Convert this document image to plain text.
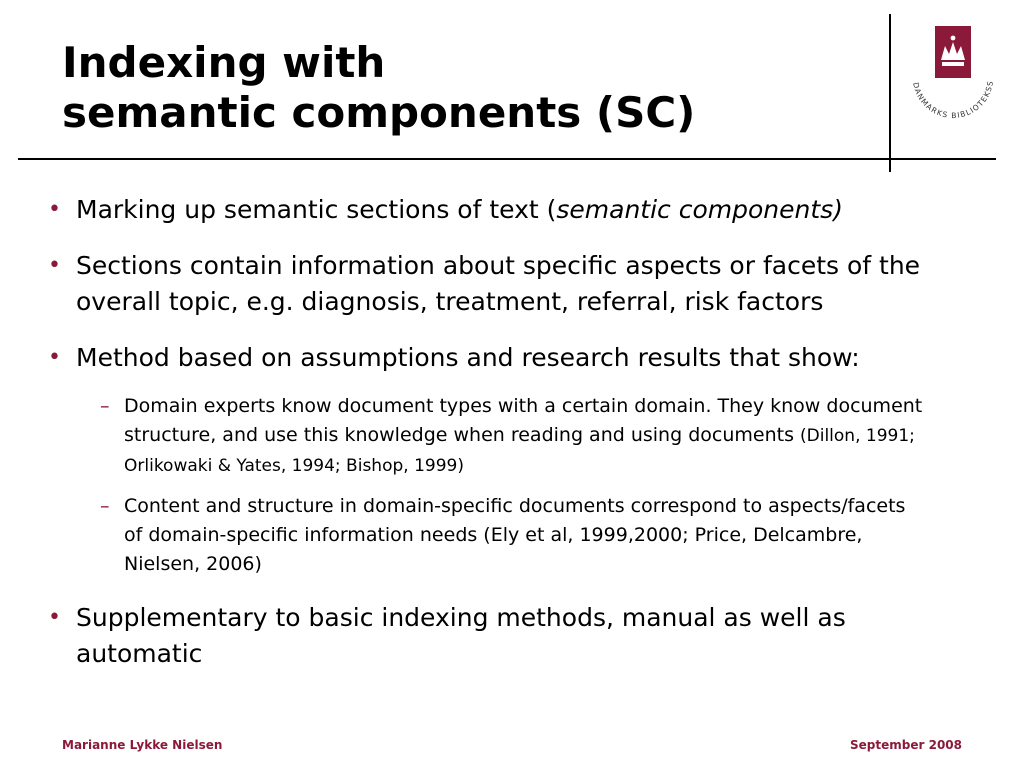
Indexing with
semantic components (SC)
DANMARKS BIBLIOTEKSS
• Marking up semantic sections of text (semantic components)
• Sections contain information about specific aspects or facets of the overall topic, e.g. diagnosis, treatment, referral, risk factors
• Method based on assumptions and research results that show:
– Domain experts know document types with a certain domain. They know document structure, and use this knowledge when reading and using documents (Dillon, 1991; Orlikowaki & Yates, 1994; Bishop, 1999)
– Content and structure in domain-specific documents correspond to aspects/facets of domain-specific information needs (Ely et al, 1999,2000; Price, Delcambre, Nielsen, 2006)
• Supplementary to basic indexing methods, manual as well as automatic
Marianne Lykke Nielsen	September 2008
